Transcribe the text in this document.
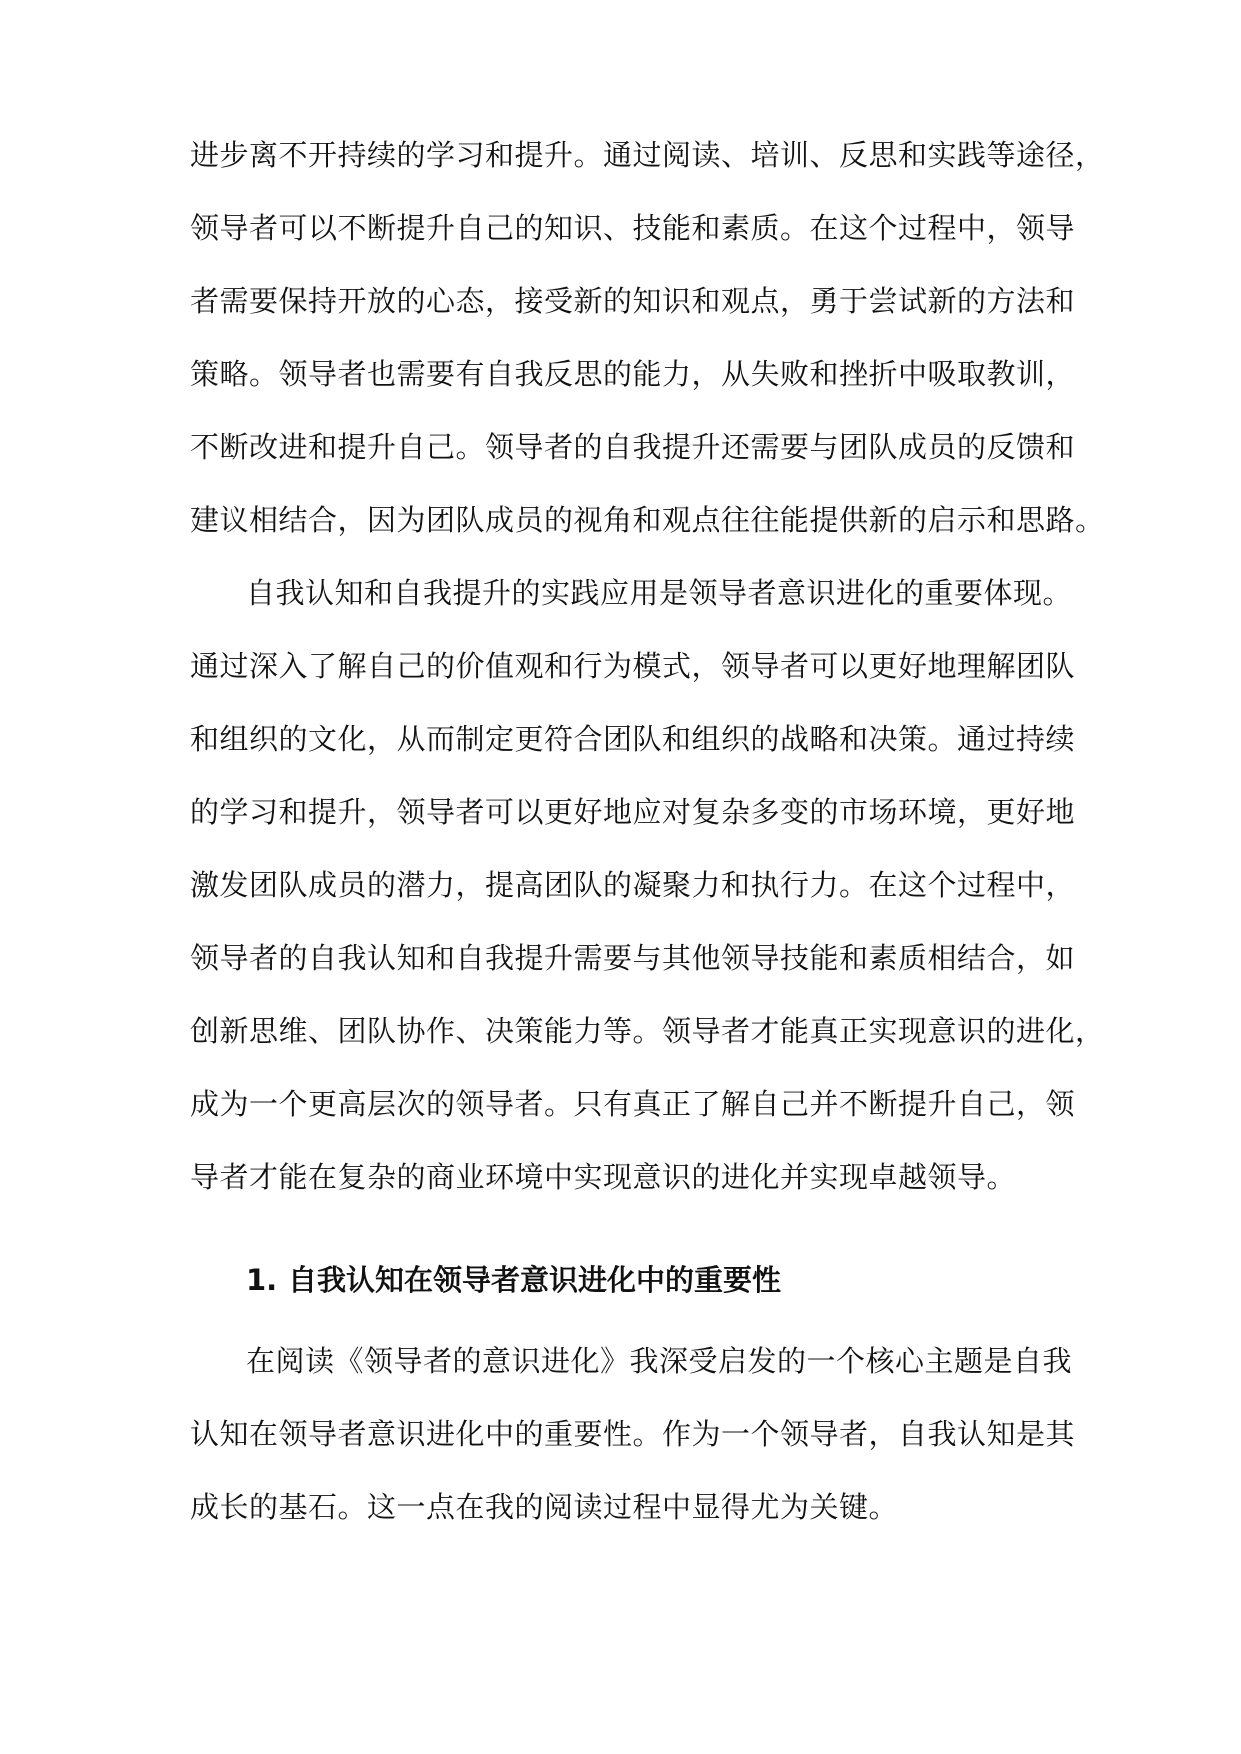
进步离不开持续的学习和提升。通过阅读、培训、反思和实践等途径，
领导者可以不断提升自己的知识、技能和素质。在这个过程中，领导
者需要保持开放的心态，接受新的知识和观点，勇于尝试新的方法和
策略。领导者也需要有自我反思的能力，从失败和挫折中吸取教训，
不断改进和提升自己。领导者的自我提升还需要与团队成员的反馈和
建议相结合，因为团队成员的视角和观点往往能提供新的启示和思路。
自我认知和自我提升的实践应用是领导者意识进化的重要体现。
通过深入了解自己的价值观和行为模式，领导者可以更好地理解团队
和组织的文化，从而制定更符合团队和组织的战略和决策。通过持续
的学习和提升，领导者可以更好地应对复杂多变的市场环境，更好地
激发团队成员的潜力，提高团队的凝聚力和执行力。在这个过程中，
领导者的自我认知和自我提升需要与其他领导技能和素质相结合，如
创新思维、团队协作、决策能力等。领导者才能真正实现意识的进化，
成为一个更高层次的领导者。只有真正了解自己并不断提升自己，领
导者才能在复杂的商业环境中实现意识的进化并实现卓越领导。
1. 自我认知在领导者意识进化中的重要性
在阅读《领导者的意识进化》我深受启发的一个核心主题是自我
认知在领导者意识进化中的重要性。作为一个领导者，自我认知是其
成长的基石。这一点在我的阅读过程中显得尤为关键。
